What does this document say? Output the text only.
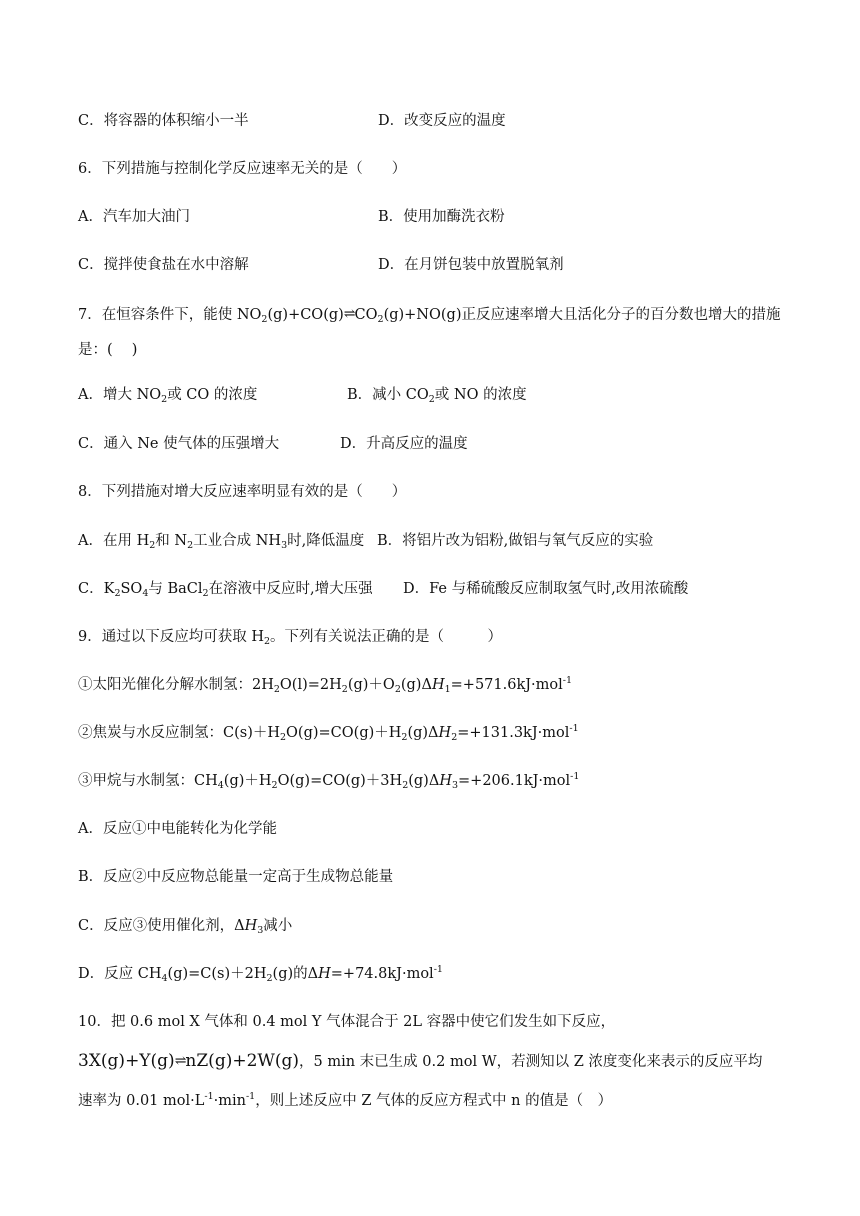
C．将容器的体积缩小一半	D．改变反应的温度
6．下列措施与控制化学反应速率无关的是（　　）
A．汽车加大油门	B．使用加酶洗衣粉
C．搅拌使食盐在水中溶解	D．在月饼包装中放置脱氧剂
7．在恒容条件下，能使 $NO_2(g)+CO(g)\rightleftharpoons CO_2(g)+NO(g)$正反应速率增大且活化分子的百分数也增大的措施
是：(　 )
A．增大 $NO_2$或 CO 的浓度	B．减小 $CO_2$或 NO 的浓度
C．通入 Ne 使气体的压强增大	D．升高反应的温度
8．下列措施对增大反应速率明显有效的是（　　）
A．在用 $H_2$和 $N_2$工业合成 $NH_3$时,降低温度 B．将铝片改为铝粉,做铝与氧气反应的实验
C．$K_2SO_4$与 BaCl$_2$在溶液中反应时,增大压强 D．Fe 与稀硫酸反应制取氢气时,改用浓硫酸
9．通过以下反应均可获取 $H_2$。下列有关说法正确的是（　　　）
①太阳光催化分解水制氢：$2H_2O(l)=2H_2(g)+O_2(g)\Delta H_1=+571.6kJ\cdot mol^{-1}$
②焦炭与水反应制氢：$C(s)+H_2O(g)=CO(g)+H_2(g)\Delta H_2=+131.3kJ\cdot mol^{-1}$
③甲烷与水制氢：$CH_4(g)+H_2O(g)=CO(g)+3H_2(g)\Delta H_3=+206.1kJ\cdot mol^{-1}$
A．反应①中电能转化为化学能
B．反应②中反应物总能量一定高于生成物总能量
C．反应③使用催化剂，$\Delta H_3$减小
D．反应 $CH_4(g)=C(s)+2H_2(g)$的ΔH=+74.8kJ·mol$^{-1}$
10．把 0.6 mol X 气体和 0.4 mol Y 气体混合于 2L 容器中使它们发生如下反应，
3X(g)+Y(g)⇌nZ(g)+2W(g)，5 min 末已生成 0.2 mol W，若测知以 Z 浓度变化来表示的反应平均
速率为 0.01 $mol\cdot L^{-1}\cdot\min^{-1}$，则上述反应中 Z 气体的反应方程式中 n 的值是（　）
